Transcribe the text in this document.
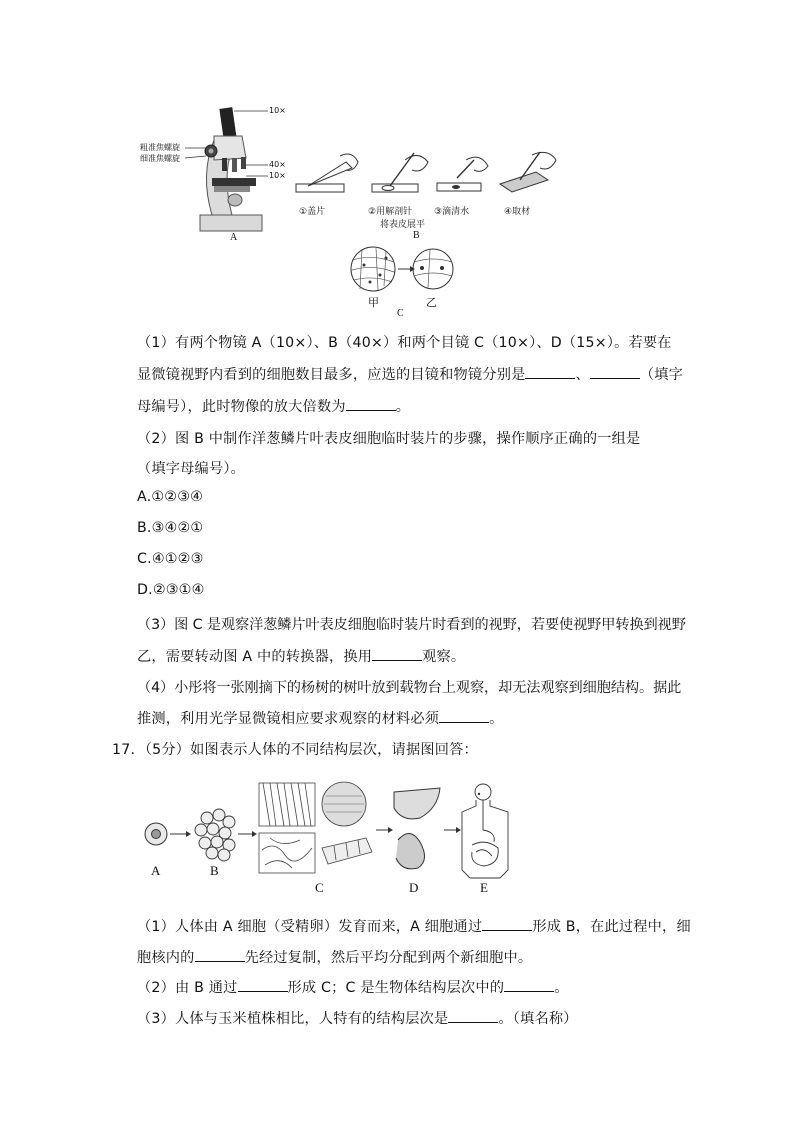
粗准焦螺旋
细准焦螺旋
10×
40×
10×
A
①盖片	②用解剖针
将表皮展平
③滴清水	④取材
B
甲	乙
C
（1）有两个物镜 A（10×）、B（40×）和两个目镜 C（10×）、D（15×）。若要在
显微镜视野内看到的细胞数目最多，应选的目镜和物镜分别是	、	（填字
母编号），此时物像的放大倍数为	。
（2）图 B 中制作洋葱鳞片叶表皮细胞临时装片的步骤，操作顺序正确的一组是
（填字母编号）。
A.①②③④
B.③④②①
C.④①②③
D.②③①④
（3）图 C 是观察洋葱鳞片叶表皮细胞临时装片时看到的视野，若要使视野甲转换到视野
乙，需要转动图 A 中的转换器，换用	观察。
（4）小彤将一张刚摘下的杨树的树叶放到载物台上观察，却无法观察到细胞结构。据此
推测，利用光学显微镜相应要求观察的材料必须	。
17．（5分）如图表示人体的不同结构层次，请据图回答：
A	B
C	D	E
（1）人体由 A 细胞（受精卵）发育而来，A 细胞通过	形成 B，在此过程中，细
胞核内的	先经过复制，然后平均分配到两个新细胞中。
（2）由 B 通过	形成 C；C 是生物体结构层次中的	。
（3）人体与玉米植株相比，人特有的结构层次是	。（填名称）
